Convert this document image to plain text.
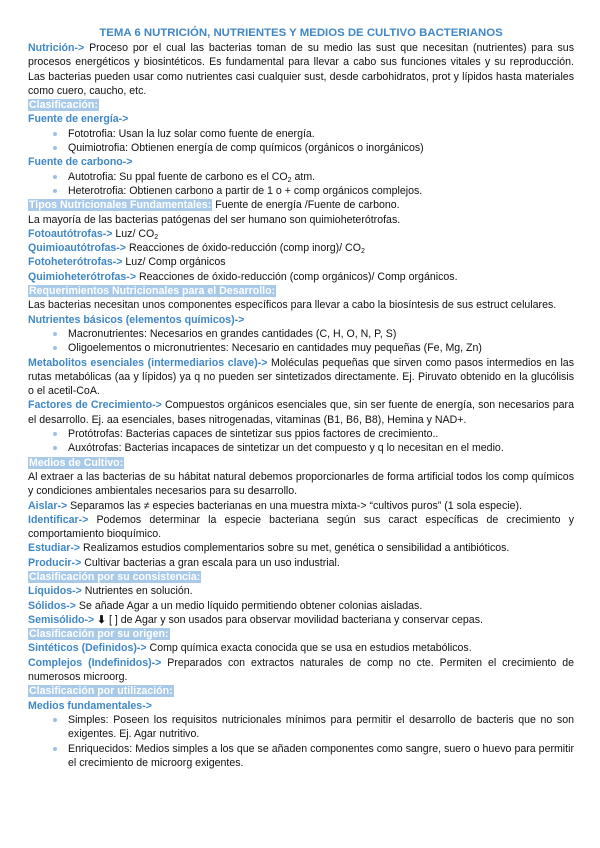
TEMA 6 NUTRICIÓN, NUTRIENTES Y MEDIOS DE CULTIVO BACTERIANOS

Nutrición-> Proceso por el cual las bacterias toman de su medio las sust que necesitan (nutrientes) para sus procesos energéticos y biosintéticos. Es fundamental para llevar a cabo sus funciones vitales y su reproducción. Las bacterias pueden usar como nutrientes casi cualquier sust, desde carbohidratos, prot y lípidos hasta materiales como cuero, caucho, etc.

Clasificación:

Fuente de energía->

Fototrofia: Usan la luz solar como fuente de energía.
Quimiotrofia: Obtienen energía de comp químicos (orgánicos o inorgánicos)

Fuente de carbono->

Autotrofia: Su ppal fuente de carbono es el $CO_2$ atm.
Heterotrofia: Obtienen carbono a partir de 1 o + comp orgánicos complejos.

Tipos Nutricionales Fundamentales: Fuente de energía /Fuente de carbono.

La mayoría de las bacterias patógenas del ser humano son quimioheterótrofas.

Fotoautótrofas-> Luz/ $CO_2$

Quimioautótrofas-> Reacciones de óxido-reducción (comp inorg)/ $CO_2$

Fotoheterótrofas-> Luz/ Comp orgánicos

Quimioheterótrofas-> Reacciones de óxido-reducción (comp orgánicos)/ Comp orgánicos.

Requerimientos Nutricionales para el Desarrollo:

Las bacterias necesitan unos componentes específicos para llevar a cabo la biosíntesis de sus estruct celulares.

Nutrientes básicos (elementos químicos)->

Macronutrientes: Necesarios en grandes cantidades (C, H, O, N, P, S)
Oligoelementos o micronutrientes: Necesario en cantidades muy pequeñas (Fe, Mg, Zn)

Metabolitos esenciales (intermediarios clave)-> Moléculas pequeñas que sirven como pasos intermedios en las rutas metabólicas (aa y lípidos) ya q no pueden ser sintetizados directamente. Ej. Piruvato obtenido en la glucólisis o el acetil-CoA.

Factores de Crecimiento-> Compuestos orgánicos esenciales que, sin ser fuente de energía, son necesarios para el desarrollo. Ej. aa esenciales, bases nitrogenadas, vitaminas (B1, B6, B8), Hemina y NAD+.

Protótrofas: Bacterias capaces de sintetizar sus ppios factores de crecimiento..
Auxótrofas: Bacterias incapaces de sintetizar un det compuesto y q lo necesitan en el medio.

Medios de Cultivo:

Al extraer a las bacterias de su hábitat natural debemos proporcionarles de forma artificial todos los comp químicos y condiciones ambientales necesarios para su desarrollo.

Aislar-> Separamos las ≠ especies bacterianas en una muestra mixta-> “cultivos puros” (1 sola especie).

Identificar-> Podemos determinar la especie bacteriana según sus caract específicas de crecimiento y comportamiento bioquímico.

Estudiar-> Realizamos estudios complementarios sobre su met, genética o sensibilidad a antibióticos.

Producir-> Cultivar bacterias a gran escala para un uso industrial.

Clasificación por su consistencia:

Líquidos-> Nutrientes en solución.

Sólidos-> Se añade Agar a un medio líquido permitiendo obtener colonias aisladas.

Semisólido-> ⬇ [ ] de Agar y son usados para observar movilidad bacteriana y conservar cepas.

Clasificación por su origen:

Sintéticos (Definidos)-> Comp química exacta conocida que se usa en estudios metabólicos.

Complejos (Indefinidos)-> Preparados con extractos naturales de comp no cte. Permiten el crecimiento de numerosos microorg.

Clasificación por utilización:

Medios fundamentales->

Simples: Poseen los requisitos nutricionales mínimos para permitir el desarrollo de bacteris que no son exigentes. Ej. Agar nutritivo.
Enriquecidos: Medios simples a los que se añaden componentes como sangre, suero o huevo para permitir el crecimiento de microorg exigentes.
